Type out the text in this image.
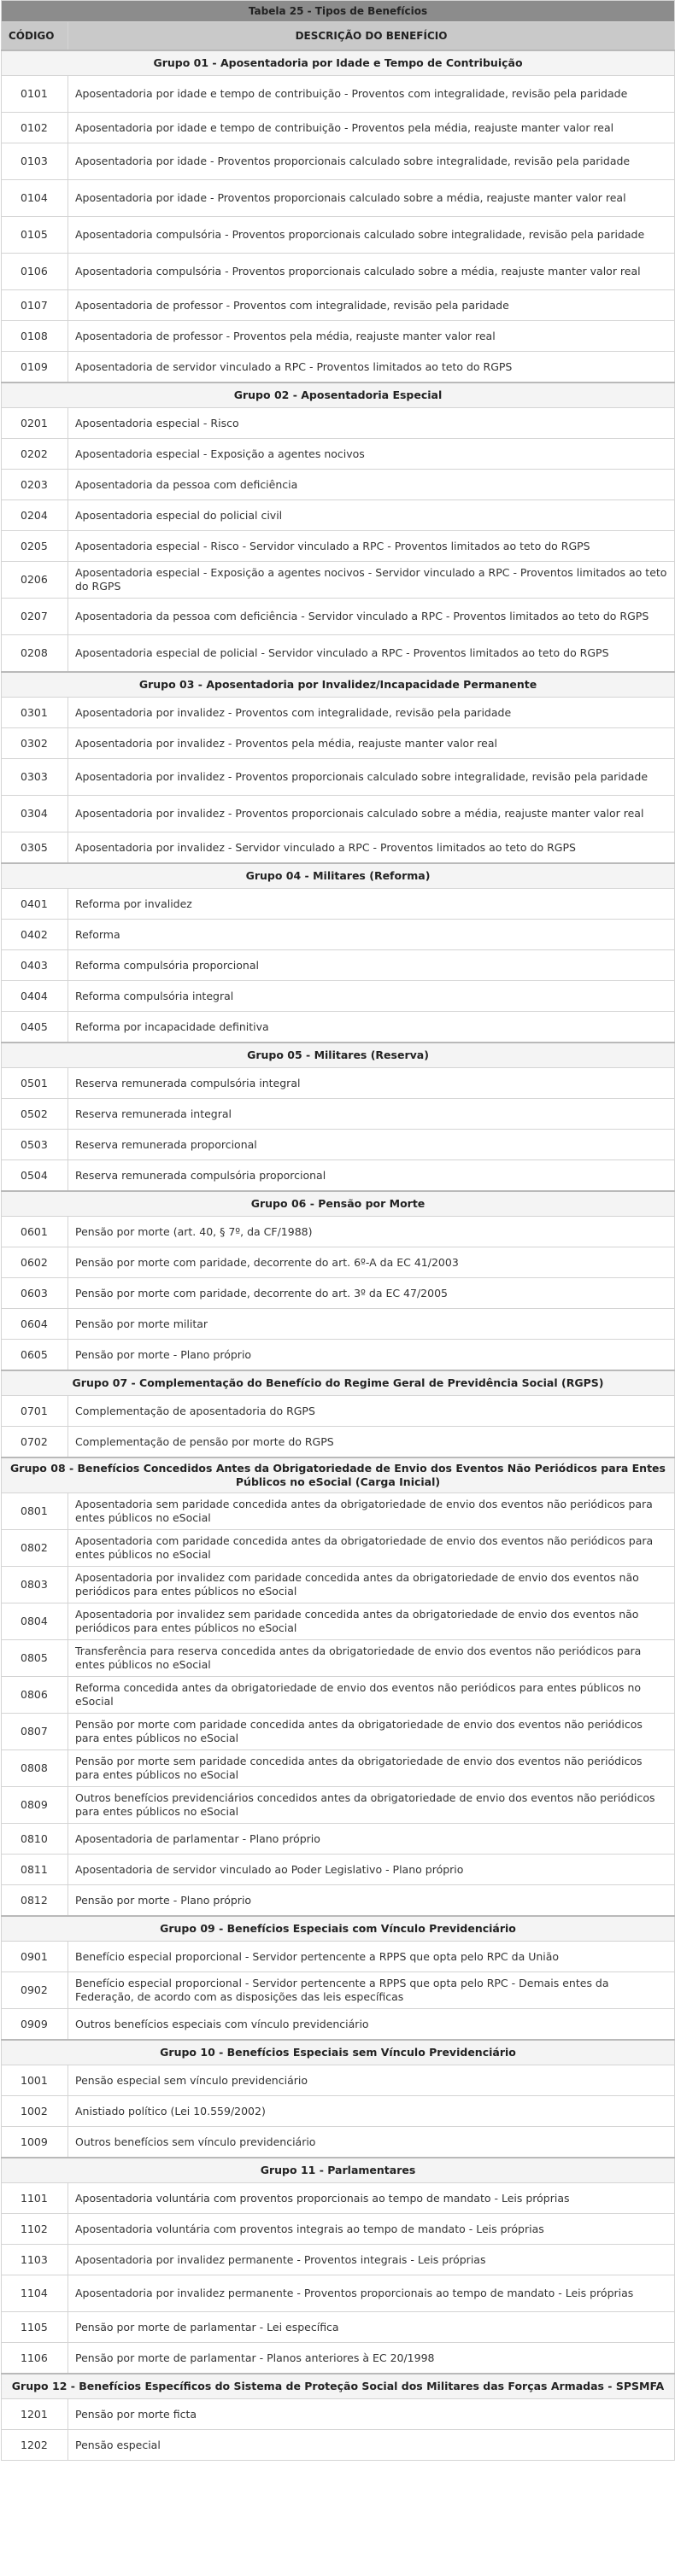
Tabela 25 - Tipos de Benefícios	
CÓDIGO	DESCRIÇÃO DO BENEFÍCIO
Grupo 01 - Aposentadoria por Idade e Tempo de Contribuição	
0101	Aposentadoria por idade e tempo de contribuição - Proventos com integralidade, revisão pela paridade
0102	Aposentadoria por idade e tempo de contribuição - Proventos pela média, reajuste manter valor real
0103	Aposentadoria por idade - Proventos proporcionais calculado sobre integralidade, revisão pela paridade
0104	Aposentadoria por idade - Proventos proporcionais calculado sobre a média, reajuste manter valor real
0105	Aposentadoria compulsória - Proventos proporcionais calculado sobre integralidade, revisão pela paridade
0106	Aposentadoria compulsória - Proventos proporcionais calculado sobre a média, reajuste manter valor real
0107	Aposentadoria de professor - Proventos com integralidade, revisão pela paridade
0108	Aposentadoria de professor - Proventos pela média, reajuste manter valor real
0109	Aposentadoria de servidor vinculado a RPC - Proventos limitados ao teto do RGPS
Grupo 02 - Aposentadoria Especial	
0201	Aposentadoria especial - Risco
0202	Aposentadoria especial - Exposição a agentes nocivos
0203	Aposentadoria da pessoa com deficiência
0204	Aposentadoria especial do policial civil
0205	Aposentadoria especial - Risco - Servidor vinculado a RPC - Proventos limitados ao teto do RGPS
0206	Aposentadoria especial - Exposição a agentes nocivos - Servidor vinculado a RPC - Proventos limitados ao teto do RGPS
0207	Aposentadoria da pessoa com deficiência - Servidor vinculado a RPC - Proventos limitados ao teto do RGPS
0208	Aposentadoria especial de policial - Servidor vinculado a RPC - Proventos limitados ao teto do RGPS
Grupo 03 - Aposentadoria por Invalidez/Incapacidade Permanente	
0301	Aposentadoria por invalidez - Proventos com integralidade, revisão pela paridade
0302	Aposentadoria por invalidez - Proventos pela média, reajuste manter valor real
0303	Aposentadoria por invalidez - Proventos proporcionais calculado sobre integralidade, revisão pela paridade
0304	Aposentadoria por invalidez - Proventos proporcionais calculado sobre a média, reajuste manter valor real
0305	Aposentadoria por invalidez - Servidor vinculado a RPC - Proventos limitados ao teto do RGPS
Grupo 04 - Militares (Reforma)	
0401	Reforma por invalidez
0402	Reforma
0403	Reforma compulsória proporcional
0404	Reforma compulsória integral
0405	Reforma por incapacidade definitiva
Grupo 05 - Militares (Reserva)	
0501	Reserva remunerada compulsória integral
0502	Reserva remunerada integral
0503	Reserva remunerada proporcional
0504	Reserva remunerada compulsória proporcional
Grupo 06 - Pensão por Morte	
0601	Pensão por morte (art. 40, § 7º, da CF/1988)
0602	Pensão por morte com paridade, decorrente do art. 6º-A da EC 41/2003
0603	Pensão por morte com paridade, decorrente do art. 3º da EC 47/2005
0604	Pensão por morte militar
0605	Pensão por morte - Plano próprio
Grupo 07 - Complementação do Benefício do Regime Geral de Previdência Social (RGPS)	
0701	Complementação de aposentadoria do RGPS
0702	Complementação de pensão por morte do RGPS
Grupo 08 - Benefícios Concedidos Antes da Obrigatoriedade de Envio dos Eventos Não Periódicos para Entes Públicos no eSocial (Carga Inicial)	
0801	Aposentadoria sem paridade concedida antes da obrigatoriedade de envio dos eventos não periódicos para entes públicos no eSocial
0802	Aposentadoria com paridade concedida antes da obrigatoriedade de envio dos eventos não periódicos para entes públicos no eSocial
0803	Aposentadoria por invalidez com paridade concedida antes da obrigatoriedade de envio dos eventos não periódicos para entes públicos no eSocial
0804	Aposentadoria por invalidez sem paridade concedida antes da obrigatoriedade de envio dos eventos não periódicos para entes públicos no eSocial
0805	Transferência para reserva concedida antes da obrigatoriedade de envio dos eventos não periódicos para entes públicos no eSocial
0806	Reforma concedida antes da obrigatoriedade de envio dos eventos não periódicos para entes públicos no eSocial
0807	Pensão por morte com paridade concedida antes da obrigatoriedade de envio dos eventos não periódicos para entes públicos no eSocial
0808	Pensão por morte sem paridade concedida antes da obrigatoriedade de envio dos eventos não periódicos para entes públicos no eSocial
0809	Outros benefícios previdenciários concedidos antes da obrigatoriedade de envio dos eventos não periódicos para entes públicos no eSocial
0810	Aposentadoria de parlamentar - Plano próprio
0811	Aposentadoria de servidor vinculado ao Poder Legislativo - Plano próprio
0812	Pensão por morte - Plano próprio
Grupo 09 - Benefícios Especiais com Vínculo Previdenciário	
0901	Benefício especial proporcional - Servidor pertencente a RPPS que opta pelo RPC da União
0902	Benefício especial proporcional - Servidor pertencente a RPPS que opta pelo RPC - Demais entes da Federação, de acordo com as disposições das leis específicas
0909	Outros benefícios especiais com vínculo previdenciário
Grupo 10 - Benefícios Especiais sem Vínculo Previdenciário	
1001	Pensão especial sem vínculo previdenciário
1002	Anistiado político (Lei 10.559/2002)
1009	Outros benefícios sem vínculo previdenciário
Grupo 11 - Parlamentares	
1101	Aposentadoria voluntária com proventos proporcionais ao tempo de mandato - Leis próprias
1102	Aposentadoria voluntária com proventos integrais ao tempo de mandato - Leis próprias
1103	Aposentadoria por invalidez permanente - Proventos integrais - Leis próprias
1104	Aposentadoria por invalidez permanente - Proventos proporcionais ao tempo de mandato - Leis próprias
1105	Pensão por morte de parlamentar - Lei específica
1106	Pensão por morte de parlamentar - Planos anteriores à EC 20/1998
Grupo 12 - Benefícios Específicos do Sistema de Proteção Social dos Militares das Forças Armadas - SPSMFA	
1201	Pensão por morte ficta
1202	Pensão especial
